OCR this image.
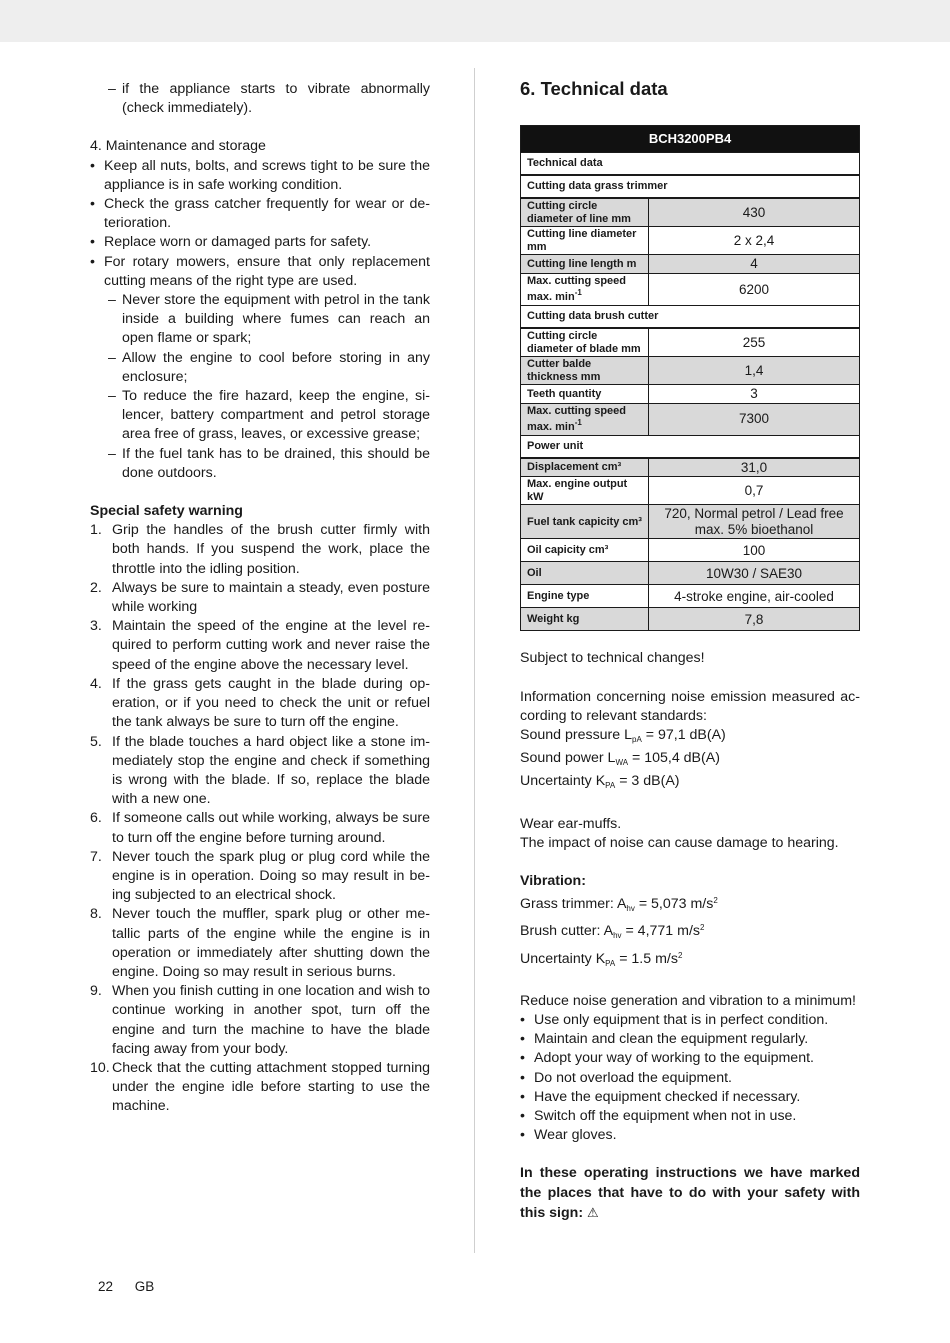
– if the appliance starts to vibrate abnormally (check immediately).

4. Maintenance and storage

• Keep all nuts, bolts, and screws tight to be sure the appliance is in safe working condition.
• Check the grass catcher frequently for wear or deterioration.
• Replace worn or damaged parts for safety.
• For rotary mowers, ensure that only replacement cutting means of the right type are used.
– Never store the equipment with petrol in the tank inside a building where fumes can reach an open flame or spark;
– Allow the engine to cool before storing in any enclosure;
– To reduce the fire hazard, keep the engine, silencer, battery compartment and petrol storage area free of grass, leaves, or excessive grease;
– If the fuel tank has to be drained, this should be done outdoors.

Special safety warning

1. Grip the handles of the brush cutter firmly with both hands. If you suspend the work, place the throttle into the idling position.
2. Always be sure to maintain a steady, even posture while working
3. Maintain the speed of the engine at the level required to perform cutting work and never raise the speed of the engine above the necessary level.
4. If the grass gets caught in the blade during operation, or if you need to check the unit or refuel the tank always be sure to turn off the engine.
5. If the blade touches a hard object like a stone immediately stop the engine and check if something is wrong with the blade. If so, replace the blade with a new one.
6. If someone calls out while working, always be sure to turn off the engine before turning around.
7. Never touch the spark plug or plug cord while the engine is in operation. Doing so may result in being subjected to an electrical shock.
8. Never touch the muffler, spark plug or other metallic parts of the engine while the engine is in operation or immediately after shutting down the engine. Doing so may result in serious burns.
9. When you finish cutting in one location and wish to continue working in another spot, turn off the engine and turn the machine to have the blade facing away from your body.
10. Check that the cutting attachment stopped turning under the engine idle before starting to use the machine.
6. Technical data
BCH3200PB4	
Technical data	
Cutting data grass trimmer	
Cutting circle diameter of line mm	430
Cutting line diameter mm	2 x 2,4
Cutting line length m	4
Max. cutting speed max. $\min^{-1}$	6200
Cutting data brush cutter	
Cutting circle diameter of blade mm	255
Cutter balde thickness mm	1,4
Teeth quantity	3
Max. cutting speed max. $\min^{-1}$	7300
Power unit	
Displacement cm³	31,0
Max. engine output kW	0,7
Fuel tank capicity cm³	720, Normal petrol / Lead free max. 5% bioethanol
Oil capicity cm³	100
Oil	10W30 / SAE30
Engine type	4-stroke engine, air-cooled
Weight kg	7,8

Subject to technical changes!

Information concerning noise emission measured according to relevant standards:

Sound pressure $L_{pA} = 97,1$ dB(A)

Sound power $L_{WA} = 105,4$ dB(A)

Uncertainty $K_{PA} = 3$ dB(A)

Wear ear-muffs.

The impact of noise can cause damage to hearing.

Vibration:

Grass trimmer: $A_{hv} = 5,073$ $m/s^2$

Brush cutter: $A_{hv} = 4,771$ $m/s^2$

Uncertainty $K_{PA} = 1.5$ $m/s^2$

Reduce noise generation and vibration to a minimum!

• Use only equipment that is in perfect condition.
• Maintain and clean the equipment regularly.
• Adopt your way of working to the equipment.
• Do not overload the equipment.
• Have the equipment checked if necessary.
• Switch off the equipment when not in use.
• Wear gloves.

In these operating instructions we have marked the places that have to do with your safety with this sign: ⚠

22 GB
